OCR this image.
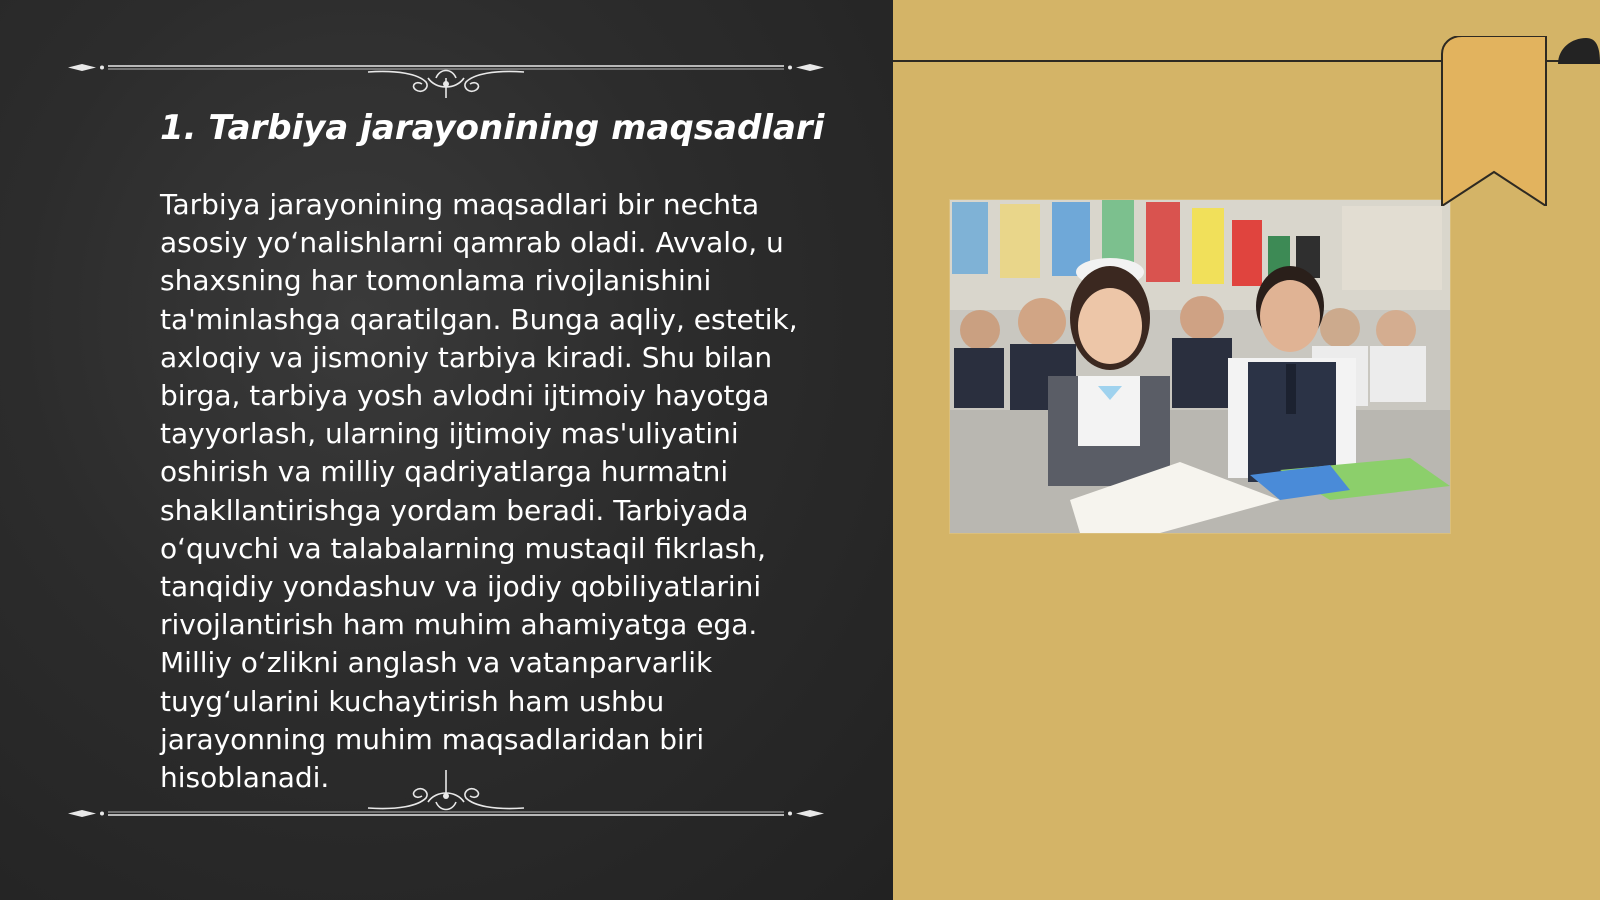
1. Tarbiya jarayonining maqsadlari

Tarbiya jarayonining maqsadlari bir nechta asosiy yoʻnalishlarni qamrab oladi. Avvalo, u shaxsning har tomonlama rivojlanishini ta'minlashga qaratilgan. Bunga aqliy, estetik, axloqiy va jismoniy tarbiya kiradi. Shu bilan birga, tarbiya yosh avlodni ijtimoiy hayotga tayyorlash, ularning ijtimoiy mas'uliyatini oshirish va milliy qadriyatlarga hurmatni shakllantirishga yordam beradi. Tarbiyada oʻquvchi va talabalarning mustaqil fikrlash, tanqidiy yondashuv va ijodiy qobiliyatlarini rivojlantirish ham muhim ahamiyatga ega. Milliy oʻzlikni anglash va vatanparvarlik tuygʻularini kuchaytirish ham ushbu jarayonning muhim maqsadlaridan biri hisoblanadi.
